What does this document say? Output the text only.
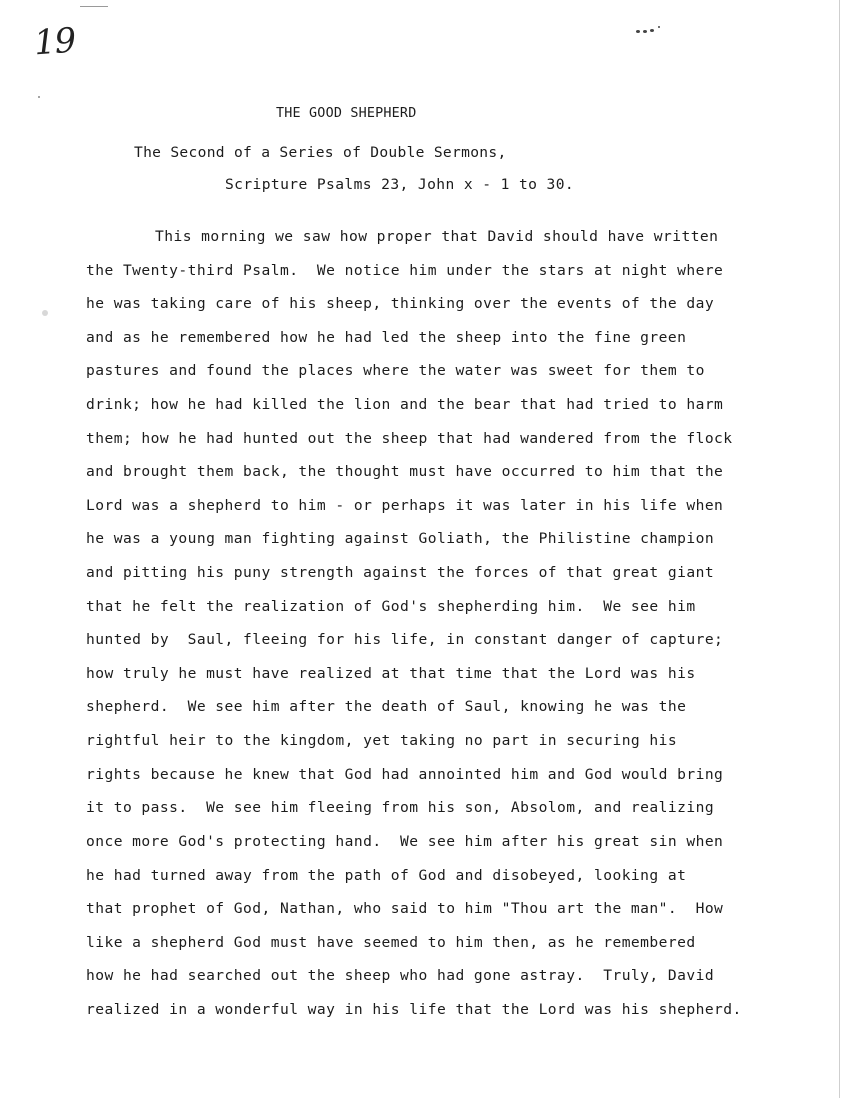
19
THE GOOD SHEPHERD
The Second of a Series of Double Sermons,
Scripture Psalms 23, John x - 1 to 30.
This morning we saw how proper that David should have written
the Twenty-third Psalm.  We notice him under the stars at night where
he was taking care of his sheep, thinking over the events of the day
and as he remembered how he had led the sheep into the fine green
pastures and found the places where the water was sweet for them to
drink; how he had killed the lion and the bear that had tried to harm
them; how he had hunted out the sheep that had wandered from the flock
and brought them back, the thought must have occurred to him that the
Lord was a shepherd to him - or perhaps it was later in his life when
he was a young man fighting against Goliath, the Philistine champion
and pitting his puny strength against the forces of that great giant
that he felt the realization of God's shepherding him.  We see him
hunted by  Saul, fleeing for his life, in constant danger of capture;
how truly he must have realized at that time that the Lord was his
shepherd.  We see him after the death of Saul, knowing he was the
rightful heir to the kingdom, yet taking no part in securing his
rights because he knew that God had annointed him and God would bring
it to pass.  We see him fleeing from his son, Absolom, and realizing
once more God's protecting hand.  We see him after his great sin when
he had turned away from the path of God and disobeyed, looking at
that prophet of God, Nathan, who said to him "Thou art the man".  How
like a shepherd God must have seemed to him then, as he remembered
how he had searched out the sheep who had gone astray.  Truly, David
realized in a wonderful way in his life that the Lord was his shepherd.
